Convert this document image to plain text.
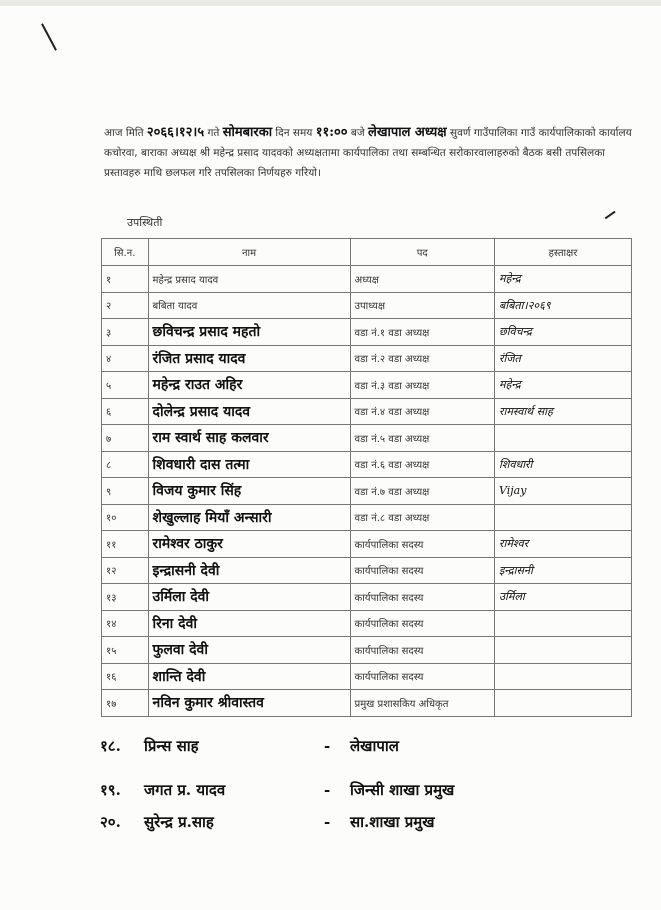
आज मिति २०६६।१२।५ गते सोमबारका दिन समय ११:०० बजे लेखापाल अध्यक्ष सुवर्ण गाउँपालिका गाउँ कार्यपालिकाको कार्यालय कचोरवा, बाराका अध्यक्ष श्री महेन्द्र प्रसाद यादवको अध्यक्षतामा कार्यपालिका तथा सम्बन्धित सरोकारवालाहरुको बैठक बसी तपसिलका प्रस्तावहरु माथि छलफल गरि तपसिलका निर्णयहरु गरियो।
उपस्थिती
सि.न.	नाम	पद	हस्ताक्षर
१	महेन्द्र प्रसाद यादव	अध्यक्ष	महेन्द्र
२	बबिता यादव	उपाध्यक्ष	बबिता।२०६९
३	छविचन्द्र प्रसाद महतो	वडा नं.१ वडा अध्यक्ष	छविचन्द्र
४	रंजित प्रसाद यादव	वडा नं.२ वडा अध्यक्ष	रंजित
५	महेन्द्र राउत अहिर	वडा नं.३ वडा अध्यक्ष	महेन्द्र
६	दोलेन्द्र प्रसाद यादव	वडा नं.४ वडा अध्यक्ष	रामस्वार्थ साह
७	राम स्वार्थ साह कलवार	वडा नं.५ वडा अध्यक्ष	
८	शिवधारी दास तत्मा	वडा नं.६ वडा अध्यक्ष	शिवधारी
९	विजय कुमार सिंह	वडा नं.७ वडा अध्यक्ष	Vijay
१०	शेखुल्लाह मियाँ अन्सारी	वडा नं.८ वडा अध्यक्ष	
११	रामेश्वर ठाकुर	कार्यपालिका सदस्य	रामेश्वर
१२	इन्द्रासनी देवी	कार्यपालिका सदस्य	इन्द्रासनी
१३	उर्मिला देवी	कार्यपालिका सदस्य	उर्मिला
१४	रिना देवी	कार्यपालिका सदस्य	
१५	फुलवा देवी	कार्यपालिका सदस्य	
१६	शान्ति देवी	कार्यपालिका सदस्य	
१७	नविन कुमार श्रीवास्तव	प्रमुख प्रशासकिय अधिकृत	
१८. प्रिन्स साह	- लेखापाल
१९. जगत प्र. यादव	- जिन्सी शाखा प्रमुख
२०. सुरेन्द्र प्र.साह	- सा.शाखा प्रमुख
